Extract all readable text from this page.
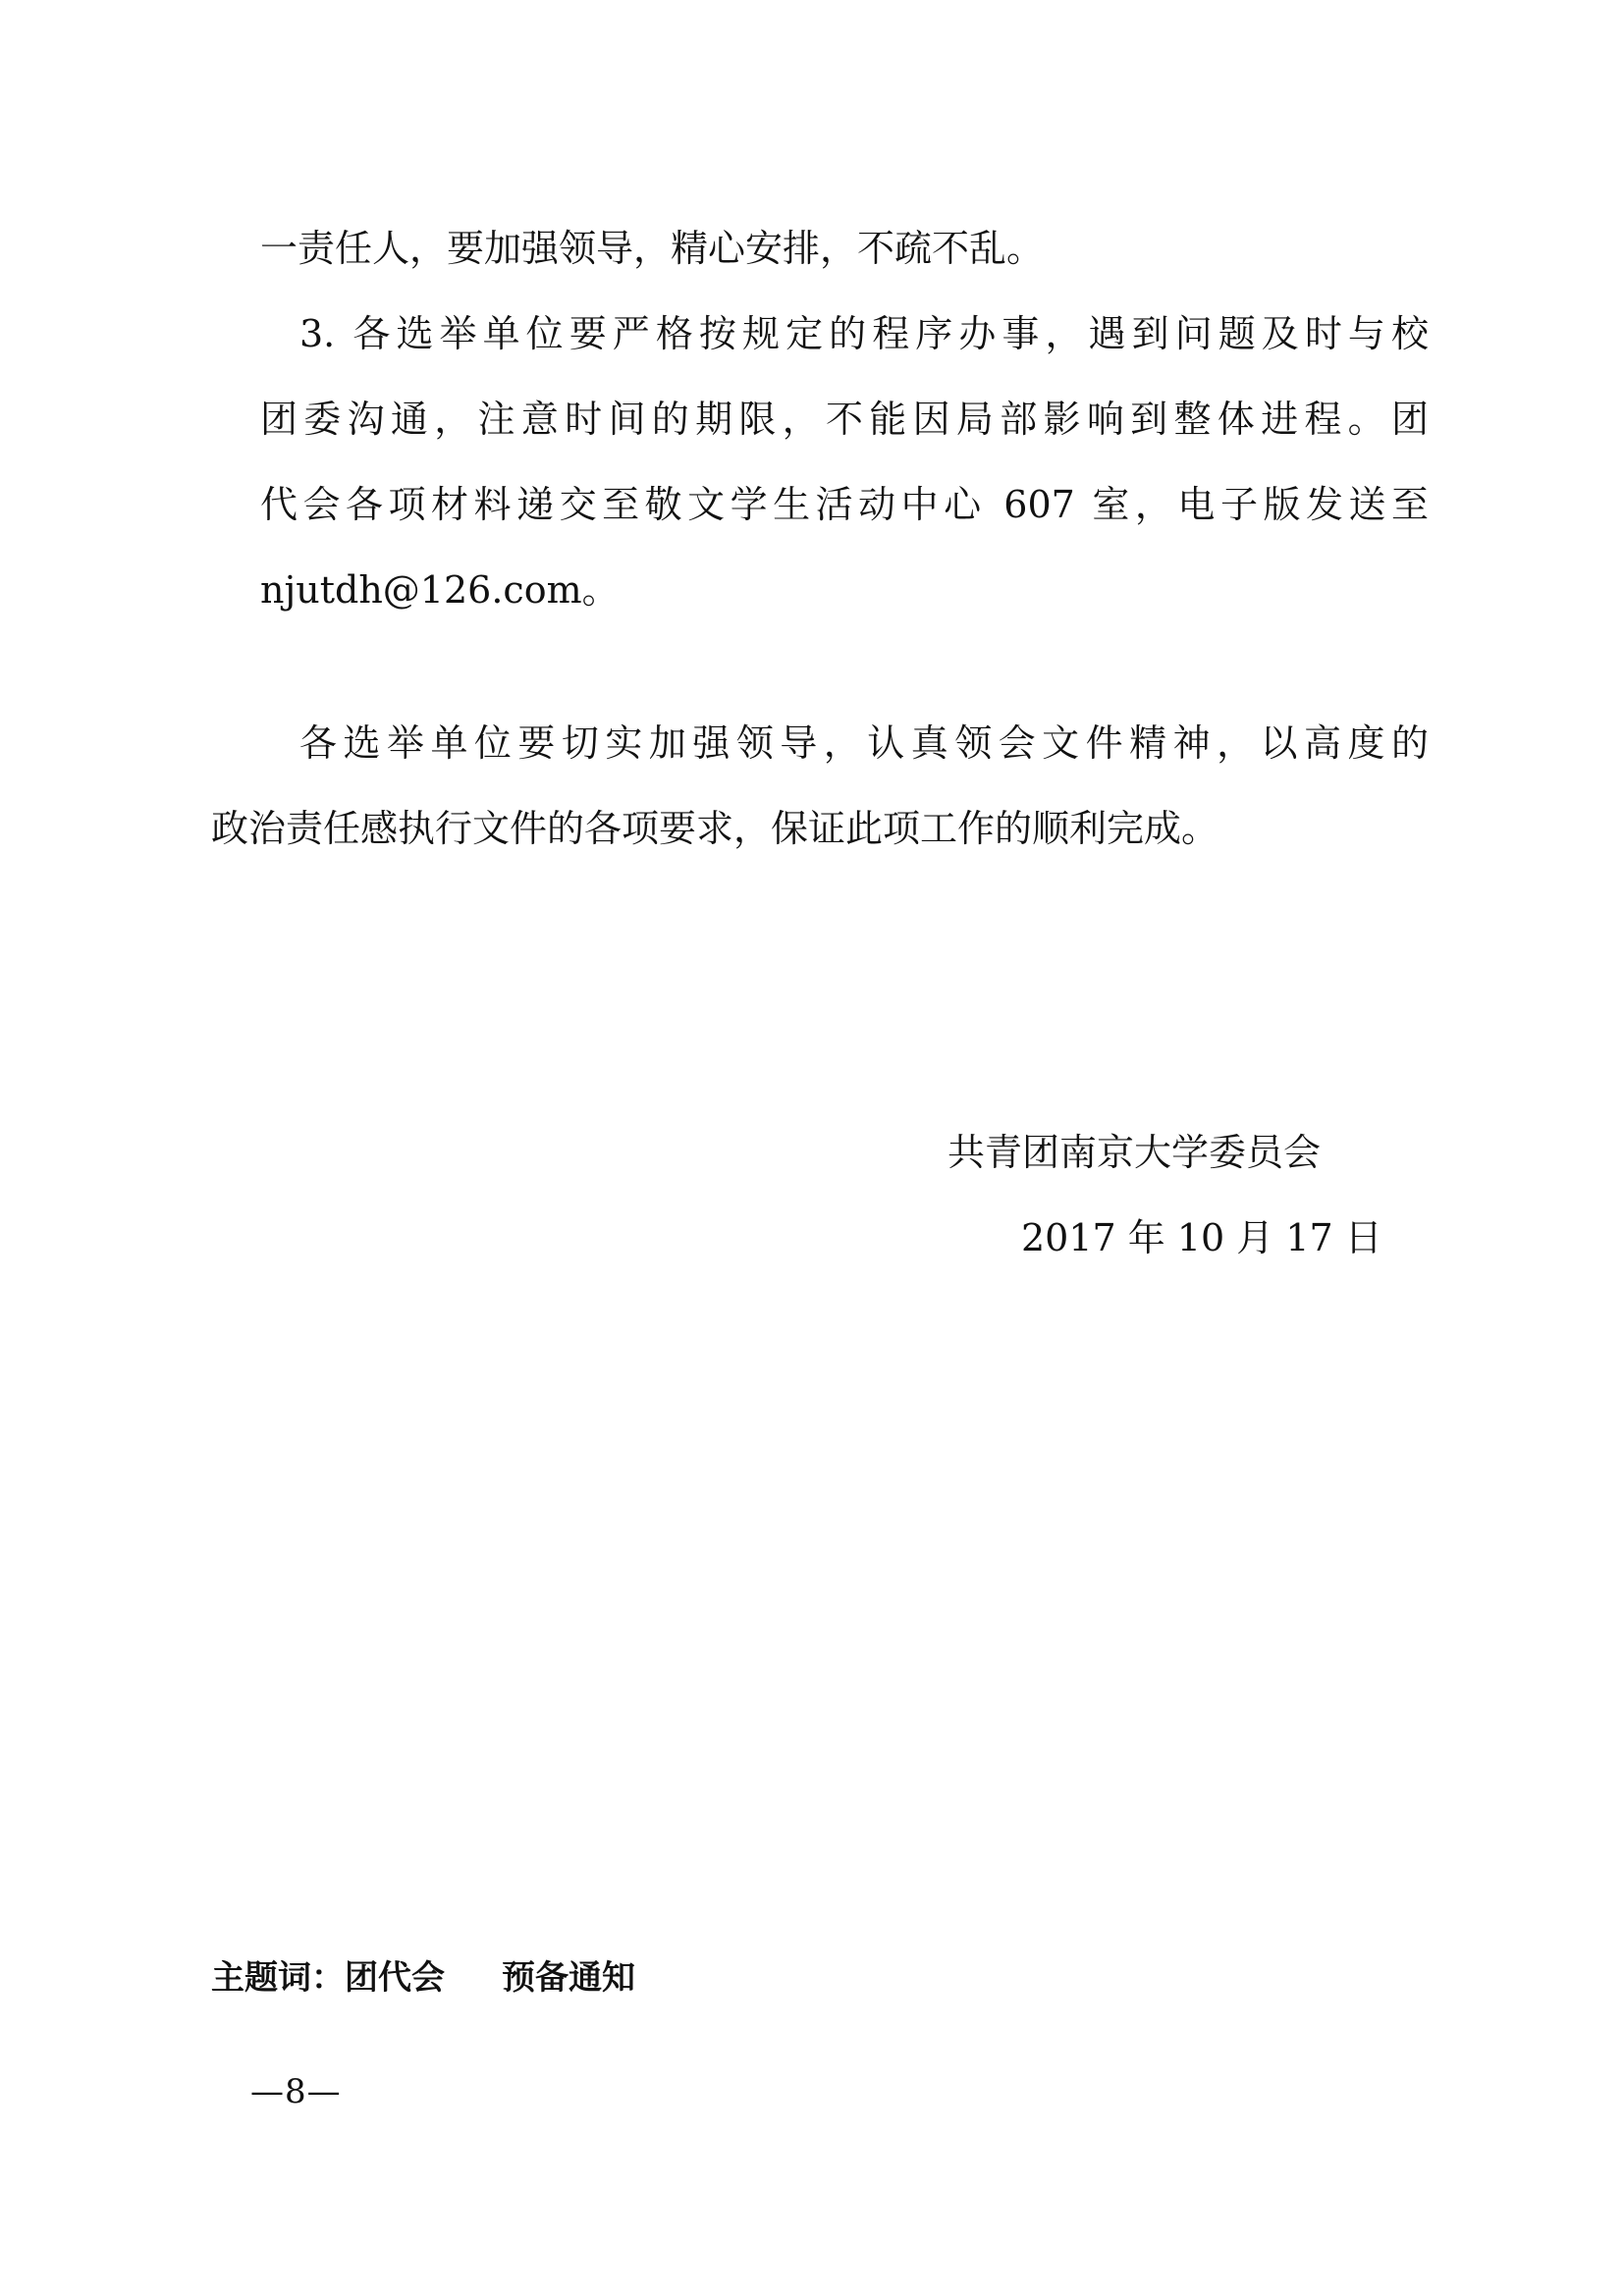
一责任人，要加强领导，精心安排，不疏不乱。
3. 各选举单位要严格按规定的程序办事，遇到问题及时与校
团委沟通，注意时间的期限，不能因局部影响到整体进程。团
代会各项材料递交至敬文学生活动中心 607 室，电子版发送至
njutdh@126.com。
各选举单位要切实加强领导，认真领会文件精神，以高度的
政治责任感执行文件的各项要求，保证此项工作的顺利完成。
共青团南京大学委员会
2017 年 10 月 17 日
主题词：团代会 预备通知
—8—
